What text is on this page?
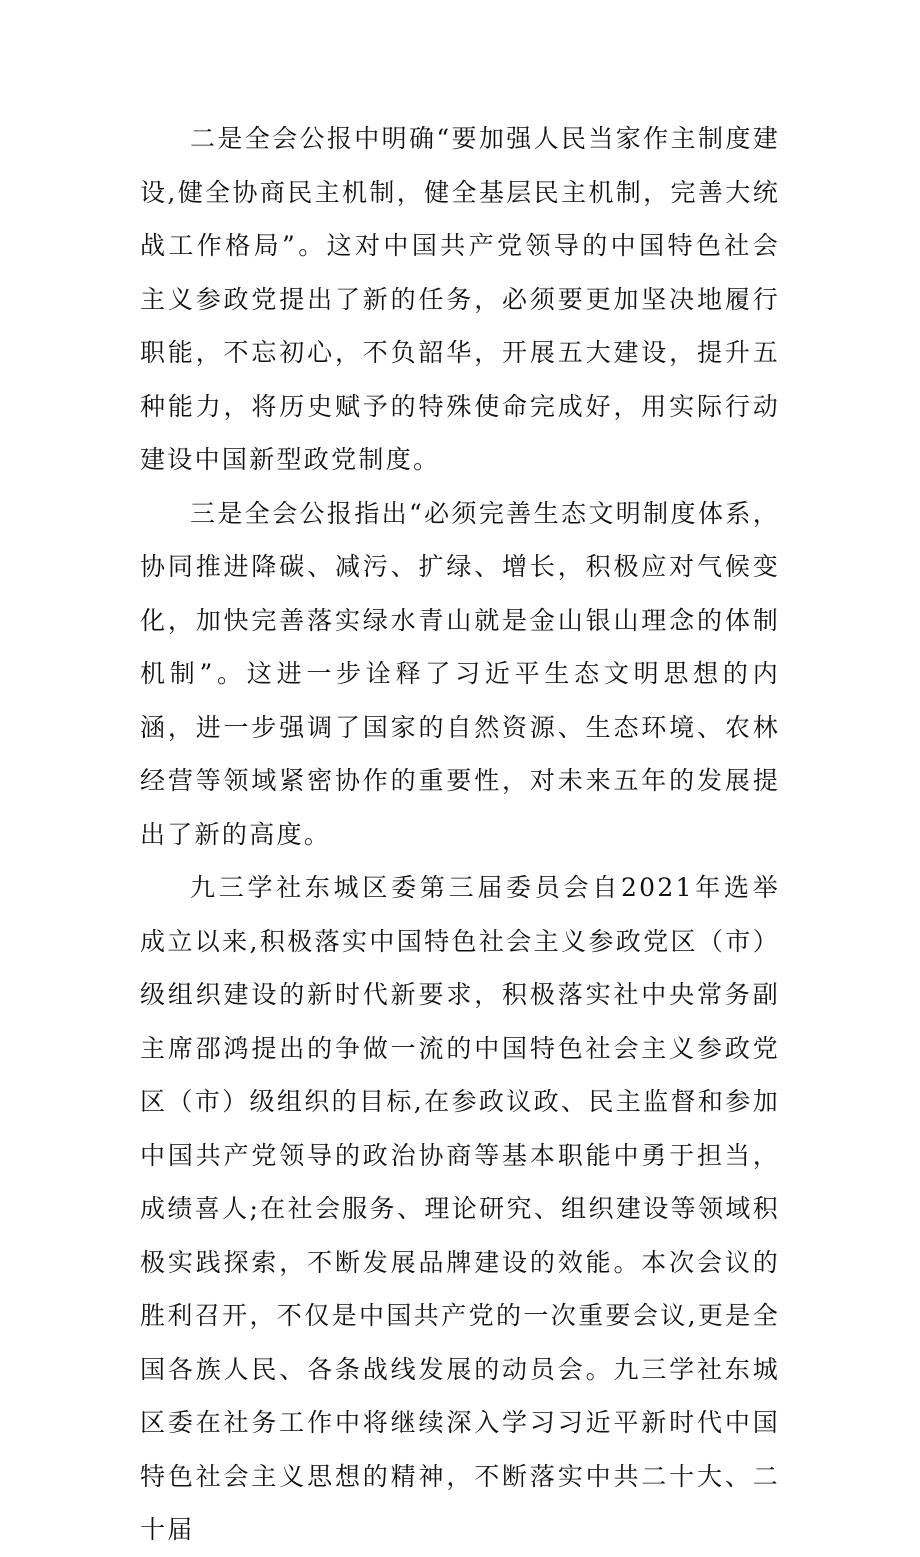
二是全会公报中明确“要加强人民当家作主制度建设,健全协商民主机制，健全基层民主机制，完善大统战工作格局”。这对中国共产党领导的中国特色社会主义参政党提出了新的任务，必须要更加坚决地履行职能，不忘初心，不负韶华，开展五大建设，提升五种能力，将历史赋予的特殊使命完成好，用实际行动建设中国新型政党制度。

三是全会公报指出“必须完善生态文明制度体系，协同推进降碳、减污、扩绿、增长，积极应对气候变化，加快完善落实绿水青山就是金山银山理念的体制机制”。这进一步诠释了习近平生态文明思想的内涵，进一步强调了国家的自然资源、生态环境、农林经营等领域紧密协作的重要性，对未来五年的发展提出了新的高度。

九三学社东城区委第三届委员会自2021年选举成立以来,积极落实中国特色社会主义参政党区（市）级组织建设的新时代新要求，积极落实社中央常务副主席邵鸿提出的争做一流的中国特色社会主义参政党区（市）级组织的目标,在参政议政、民主监督和参加中国共产党领导的政治协商等基本职能中勇于担当，成绩喜人;在社会服务、理论研究、组织建设等领域积极实践探索，不断发展品牌建设的效能。本次会议的胜利召开，不仅是中国共产党的一次重要会议,更是全国各族人民、各条战线发展的动员会。九三学社东城区委在社务工作中将继续深入学习习近平新时代中国特色社会主义思想的精神，不断落实中共二十大、二十届
